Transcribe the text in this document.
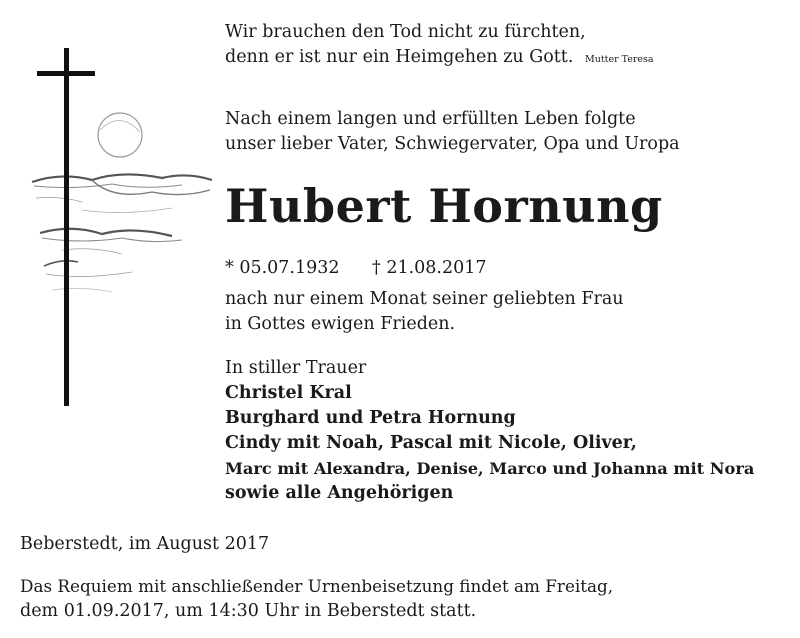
Wir brauchen den Tod nicht zu fürchten,
denn er ist nur ein Heimgehen zu Gott. Mutter Teresa
Nach einem langen und erfüllten Leben folgte
unser lieber Vater, Schwiegervater, Opa und Uropa
Hubert Hornung
* 05.07.1932 † 21.08.2017
nach nur einem Monat seiner geliebten Frau
in Gottes ewigen Frieden.
In stiller Trauer
Christel Kral
Burghard und Petra Hornung
Cindy mit Noah, Pascal mit Nicole, Oliver,
Marc mit Alexandra, Denise, Marco und Johanna mit Nora
sowie alle Angehörigen
Beberstedt, im August 2017
Das Requiem mit anschließender Urnenbeisetzung findet am Freitag,
dem 01.09.2017, um 14:30 Uhr in Beberstedt statt.
